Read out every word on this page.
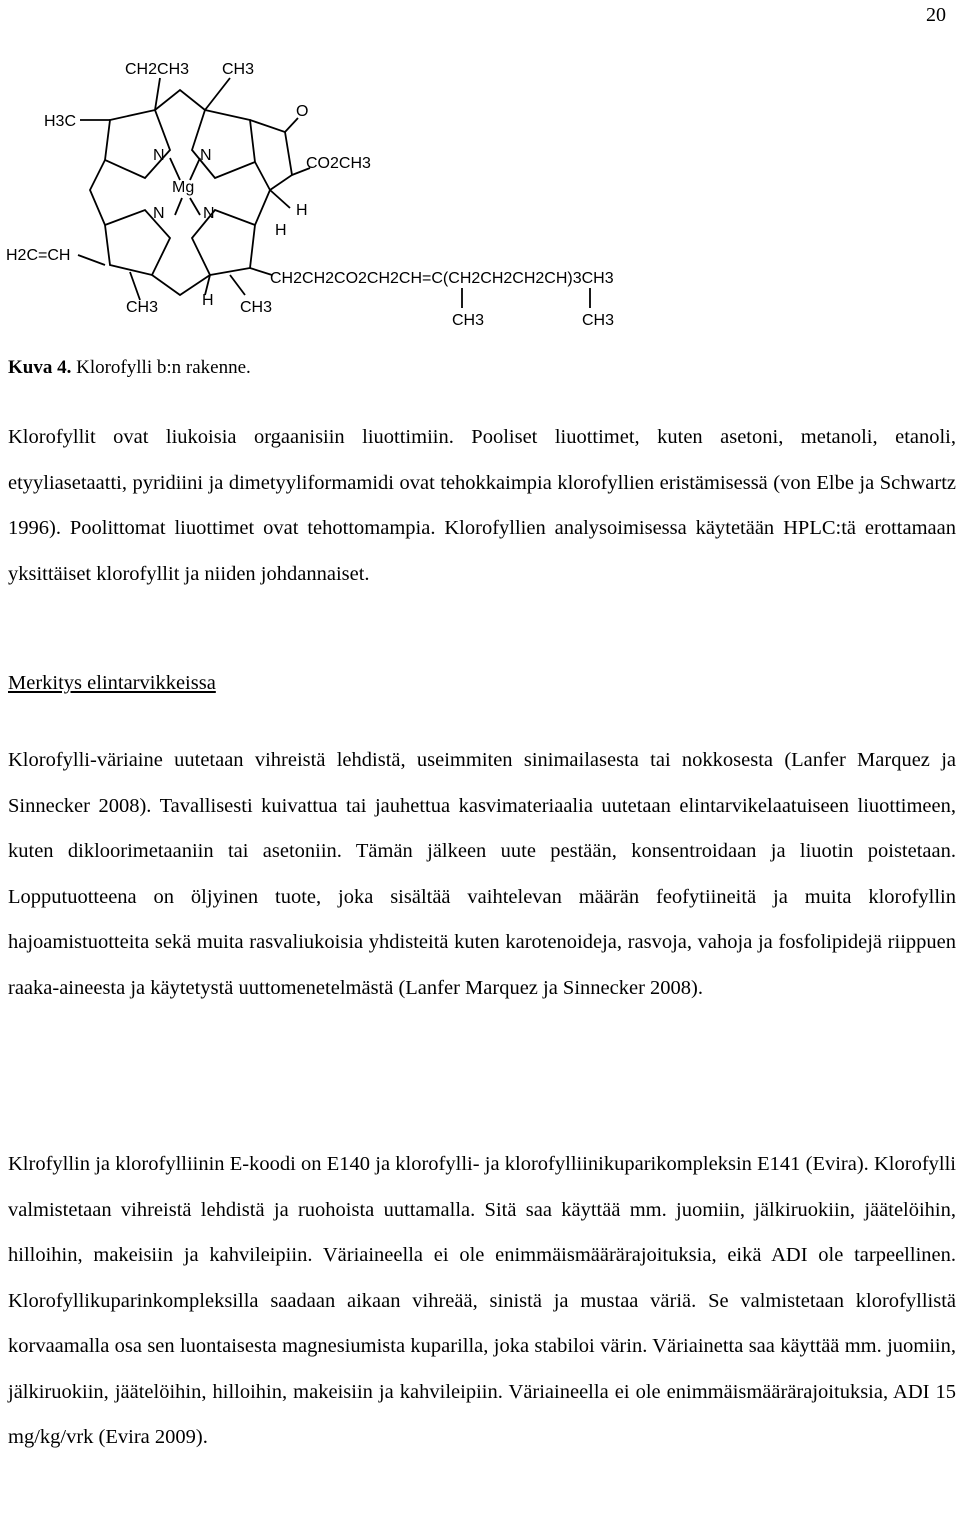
20
N N
N N
Mg
CH2CH3 CH3
H3C
O
CO2CH3
H
H
H2C=CH
CH3	H CH3
CH2CH2CO2CH2CH=C(CH2CH2CH2CH)3CH3
CH3	CH3
Kuva 4. Klorofylli b:n rakenne.
Klorofyllit ovat liukoisia orgaanisiin liuottimiin. Pooliset liuottimet, kuten asetoni, metanoli, etanoli, etyyliasetaatti, pyridiini ja dimetyyliformamidi ovat tehokkaimpia klorofyllien eristämisessä (von Elbe ja Schwartz 1996). Poolittomat liuottimet ovat tehottomampia. Klorofyllien analysoimisessa käytetään HPLC:tä erottamaan yksittäiset klorofyllit ja niiden johdannaiset.
Merkitys elintarvikkeissa
Klorofylli-väriaine uutetaan vihreistä lehdistä, useimmiten sinimailasesta tai nokkosesta (Lanfer Marquez ja Sinnecker 2008). Tavallisesti kuivattua tai jauhettua kasvimateriaalia uutetaan elintarvikelaatuiseen liuottimeen, kuten dikloorimetaaniin tai asetoniin. Tämän jälkeen uute pestään, konsentroidaan ja liuotin poistetaan. Lopputuotteena on öljyinen tuote, joka sisältää vaihtelevan määrän feofytiineitä ja muita klorofyllin hajoamistuotteita sekä muita rasvaliukoisia yhdisteitä kuten karotenoideja, rasvoja, vahoja ja fosfolipidejä riippuen raaka-aineesta ja käytetystä uuttomenetelmästä (Lanfer Marquez ja Sinnecker 2008).
Klrofyllin ja klorofylliinin E-koodi on E140 ja klorofylli- ja klorofylliinikuparikompleksin E141 (Evira). Klorofylli valmistetaan vihreistä lehdistä ja ruohoista uuttamalla. Sitä saa käyttää mm. juomiin, jälkiruokiin, jäätelöihin, hilloihin, makeisiin ja kahvileipiin. Väriaineella ei ole enimmäismäärärajoituksia, eikä ADI ole tarpeellinen. Klorofyllikuparinkompleksilla saadaan aikaan vihreää, sinistä ja mustaa väriä. Se valmistetaan klorofyllistä korvaamalla osa sen luontaisesta magnesiumista kuparilla, joka stabiloi värin. Väriainetta saa käyttää mm. juomiin, jälkiruokiin, jäätelöihin, hilloihin, makeisiin ja kahvileipiin. Väriaineella ei ole enimmäismäärärajoituksia, ADI 15 mg/kg/vrk (Evira 2009).
